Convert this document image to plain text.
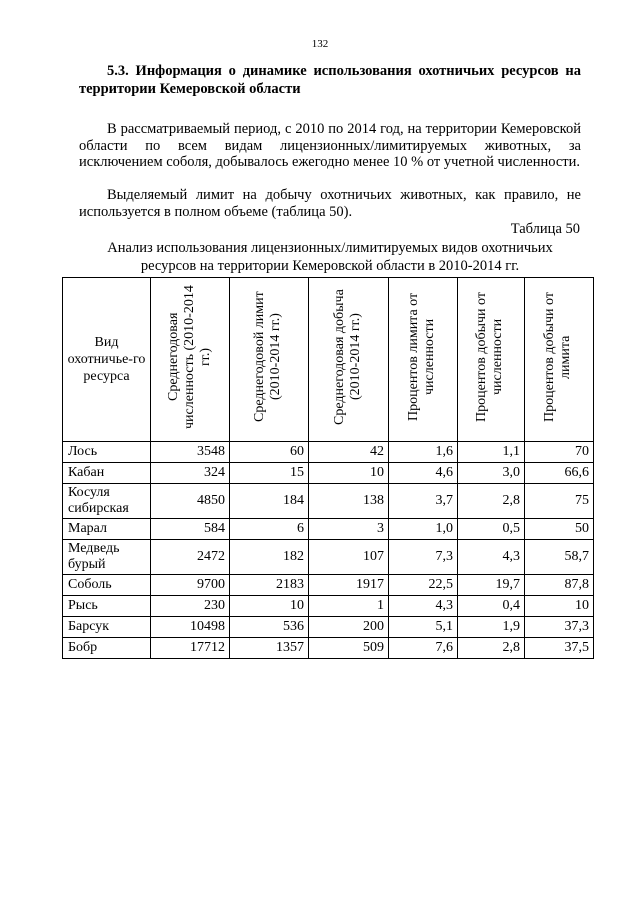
132
5.3. Информация о динамике использования охотничьих ресурсов на территории Кемеровской области
В рассматриваемый период, с 2010 по 2014 год, на территории Кемеровской области по всем видам лицензионных/лимитируемых животных, за исключением соболя, добывалось ежегодно менее 10 % от учетной численности.
Выделяемый лимит на добычу охотничьих животных, как правило, не используется в полном объеме (таблица 50).
Таблица 50
Анализ использования лицензионных/лимитируемых видов охотничьих ресурсов на территории Кемеровской области в 2010-2014 гг.
Вид охотничье-го ресурса	Среднегодовая численность (2010-2014 гг.)	Среднегодовой лимит (2010-2014 гг.)	Среднегодовая добыча (2010-2014 гг.)	Процентов лимита от численности	Процентов добычи от численности	Процентов добычи от лимита
Лось	3548	60	42	1,6	1,1	70
Кабан	324	15	10	4,6	3,0	66,6
Косуля сибирская	4850	184	138	3,7	2,8	75
Марал	584	6	3	1,0	0,5	50
Медведь бурый	2472	182	107	7,3	4,3	58,7
Соболь	9700	2183	1917	22,5	19,7	87,8
Рысь	230	10	1	4,3	0,4	10
Барсук	10498	536	200	5,1	1,9	37,3
Бобр	17712	1357	509	7,6	2,8	37,5
